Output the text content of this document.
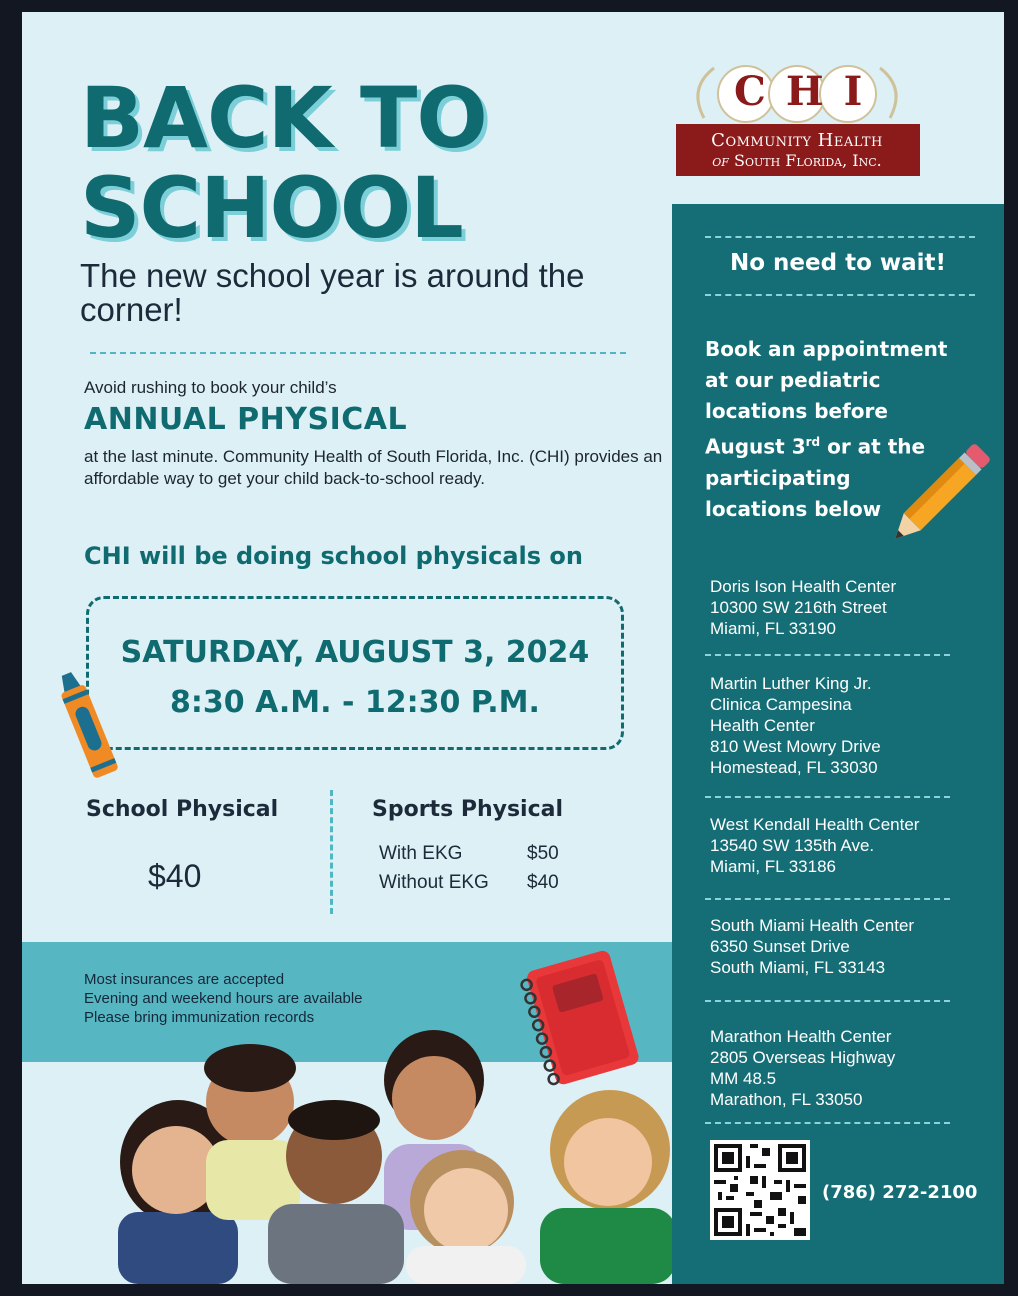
BACK TO
SCHOOL
The new school year is around the corner!
Avoid rushing to book your child’s
ANNUAL PHYSICAL
at the last minute. Community Health of South Florida, Inc. (CHI) provides an affordable way to get your child back-to-school ready.
CHI will be doing school physicals on
SATURDAY, AUGUST 3, 2024
8:30 A.M. - 12:30 P.M.
School Physical
$40
Sports Physical
With EKG	$50
Without EKG $40
Most insurances are accepted
Evening and weekend hours are available
Please bring immunization records
CHI
Community Health
of South Florida, Inc.
No need to wait!
Book an appointment
at our pediatric
locations before
August 3rd or at the
participating
locations below
Doris Ison Health Center
10300 SW 216th Street
Miami, FL 33190
Martin Luther King Jr.
Clinica Campesina
Health Center
810 West Mowry Drive
Homestead, FL 33030
West Kendall Health Center
13540 SW 135th Ave.
Miami, FL 33186
South Miami Health Center
6350 Sunset Drive
South Miami, FL 33143
Marathon Health Center
2805 Overseas Highway
MM 48.5
Marathon, FL 33050
(786) 272-2100
